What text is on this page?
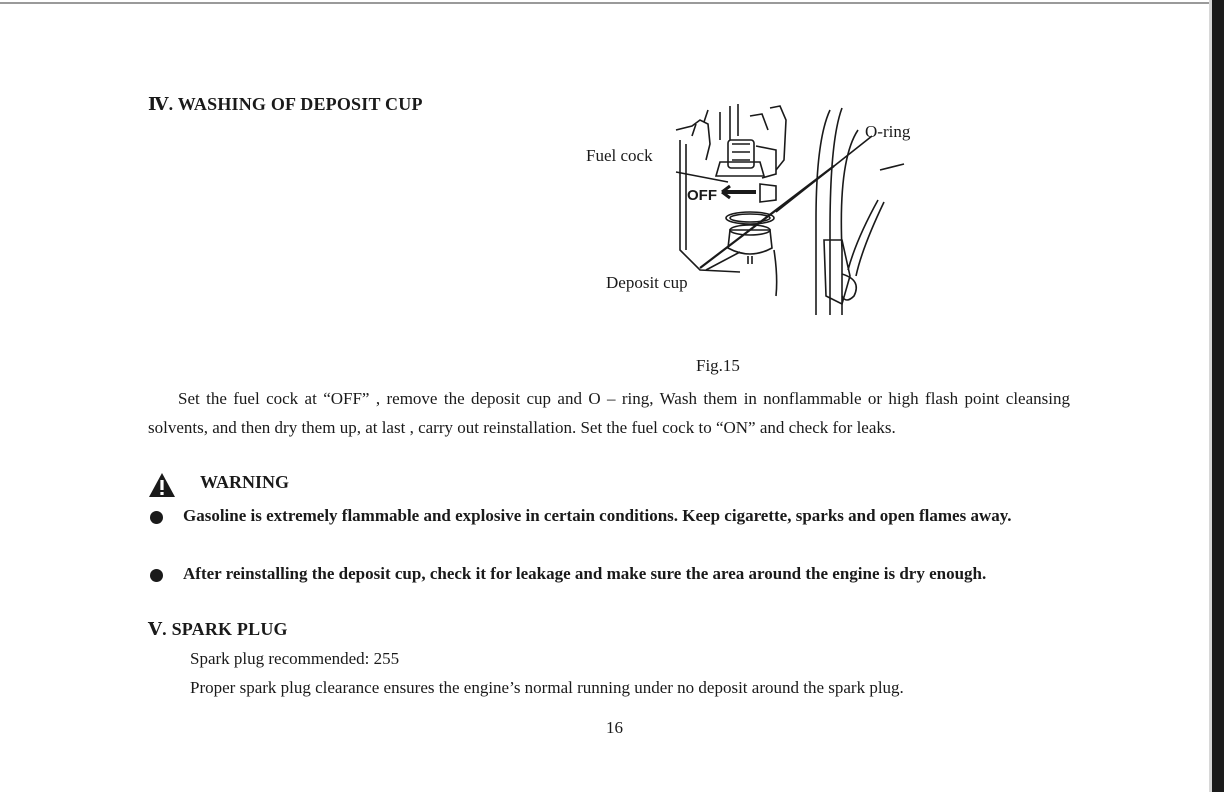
Ⅳ. WASHING OF DEPOSIT CUP
Fuel cock
O-ring
Deposit cup
OFF
Fig.15
Set the fuel cock at “OFF” , remove the deposit cup and O – ring, Wash them in nonflammable or high flash point cleansing solvents, and then dry them up, at last , carry out reinstallation. Set the fuel cock to “ON” and check for leaks.
WARNING
Gasoline is extremely flammable and explosive in certain conditions. Keep cigarette, sparks and open flames away.
After reinstalling the deposit cup, check it for leakage and make sure the area around the engine is dry enough.
Ⅴ. SPARK PLUG
Spark plug recommended: 255
Proper spark plug clearance ensures the engine’s normal running under no deposit around the spark plug.
16
